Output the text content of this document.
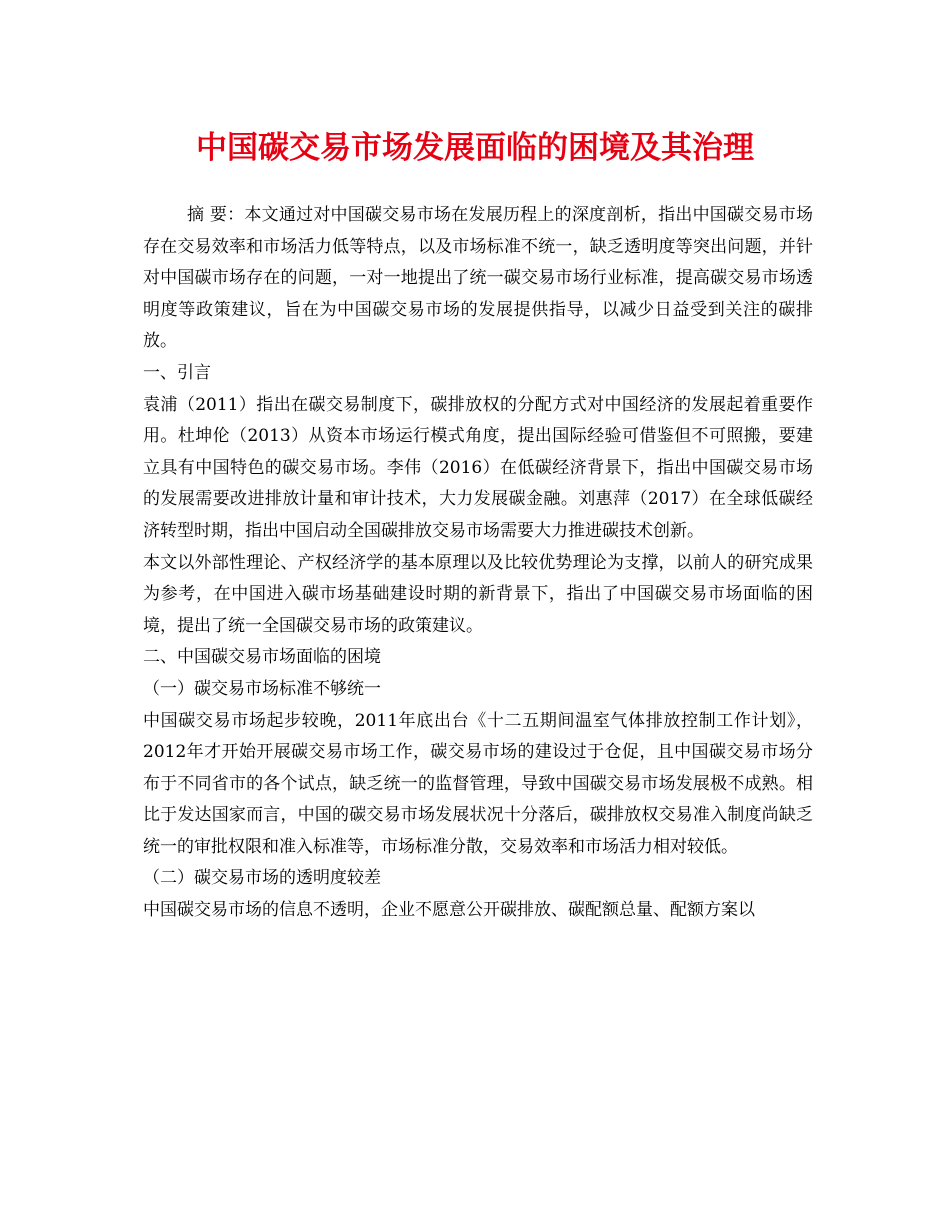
中国碳交易市场发展面临的困境及其治理

摘 要：本文通过对中国碳交易市场在发展历程上的深度剖析，指出中国碳交易市场存在交易效率和市场活力低等特点，以及市场标准不统一，缺乏透明度等突出问题，并针对中国碳市场存在的问题，一对一地提出了统一碳交易市场行业标准，提高碳交易市场透明度等政策建议，旨在为中国碳交易市场的发展提供指导，以减少日益受到关注的碳排放。

一、引言

袁浦（2011）指出在碳交易制度下，碳排放权的分配方式对中国经济的发展起着重要作用。杜坤伦（2013）从资本市场运行模式角度，提出国际经验可借鉴但不可照搬，要建立具有中国特色的碳交易市场。李伟（2016）在低碳经济背景下，指出中国碳交易市场的发展需要改进排放计量和审计技术，大力发展碳金融。刘惠萍（2017）在全球低碳经济转型时期，指出中国启动全国碳排放交易市场需要大力推进碳技术创新。

本文以外部性理论、产权经济学的基本原理以及比较优势理论为支撑，以前人的研究成果为参考，在中国进入碳市场基础建设时期的新背景下，指出了中国碳交易市场面临的困境，提出了统一全国碳交易市场的政策建议。

二、中国碳交易市场面临的困境

（一）碳交易市场标准不够统一

中国碳交易市场起步较晚，2011年底出台《十二五期间温室气体排放控制工作计划》，2012年才开始开展碳交易市场工作，碳交易市场的建设过于仓促，且中国碳交易市场分布于不同省市的各个试点，缺乏统一的监督管理，导致中国碳交易市场发展极不成熟。相比于发达国家而言，中国的碳交易市场发展状况十分落后，碳排放权交易准入制度尚缺乏统一的审批权限和准入标准等，市场标准分散，交易效率和市场活力相对较低。

（二）碳交易市场的透明度较差

中国碳交易市场的信息不透明，企业不愿意公开碳排放、碳配额总量、配额方案以
